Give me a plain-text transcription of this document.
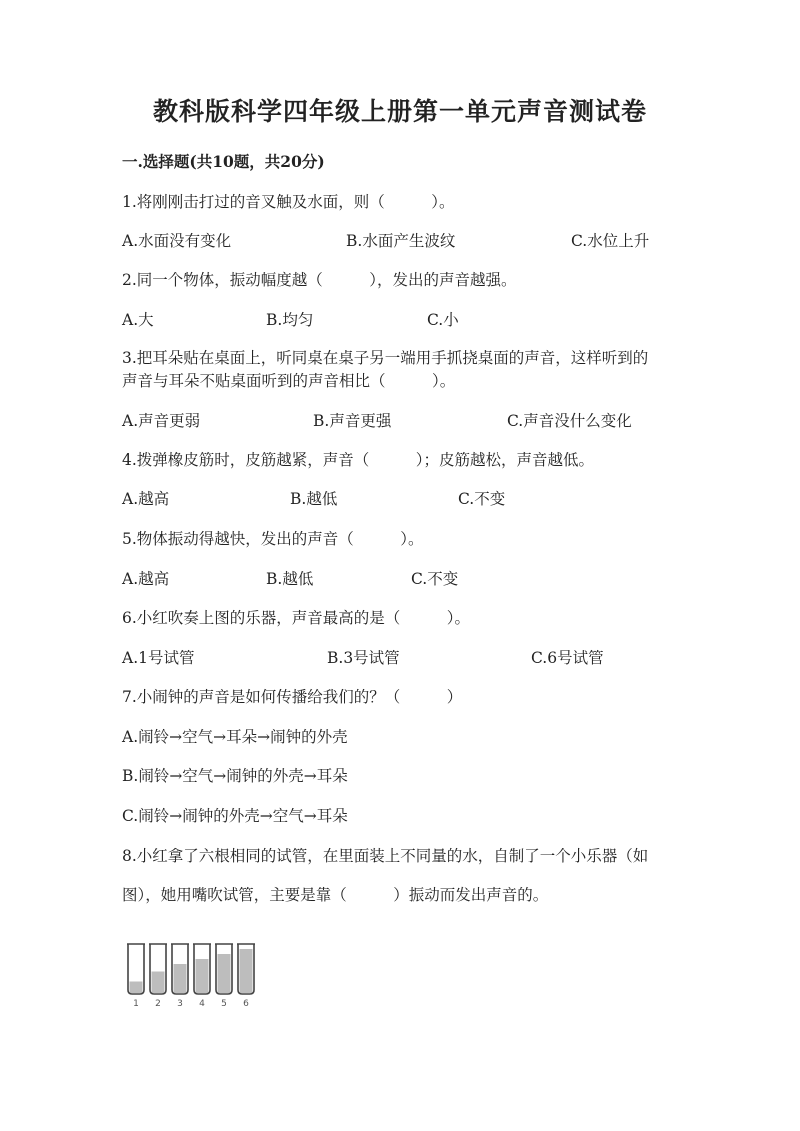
教科版科学四年级上册第一单元声音测试卷
一.选择题(共10题，共20分)
1.将刚刚击打过的音叉触及水面，则（　　　）。
A.水面没有变化	B.水面产生波纹	C.水位上升
2.同一个物体，振动幅度越（　　　），发出的声音越强。
A.大	B.均匀	C.小
3.把耳朵贴在桌面上，听同桌在桌子另一端用手抓挠桌面的声音，这样听到的
声音与耳朵不贴桌面听到的声音相比（　　　）。
A.声音更弱	B.声音更强	C.声音没什么变化
4.拨弹橡皮筋时，皮筋越紧，声音（　　　）；皮筋越松，声音越低。
A.越高	B.越低	C.不变
5.物体振动得越快，发出的声音（　　　）。
A.越高	B.越低	C.不变
6.小红吹奏上图的乐器，声音最高的是（　　　）。
A.1号试管	B.3号试管	C.6号试管
7.小闹钟的声音是如何传播给我们的？（　　　）
A.闹铃→空气→耳朵→闹钟的外壳
B.闹铃→空气→闹钟的外壳→耳朵
C.闹铃→闹钟的外壳→空气→耳朵
8.小红拿了六根相同的试管，在里面装上不同量的水，自制了一个小乐器（如
图），她用嘴吹试管，主要是靠（　　　）振动而发出声音的。
1 2 3 4 5 6
